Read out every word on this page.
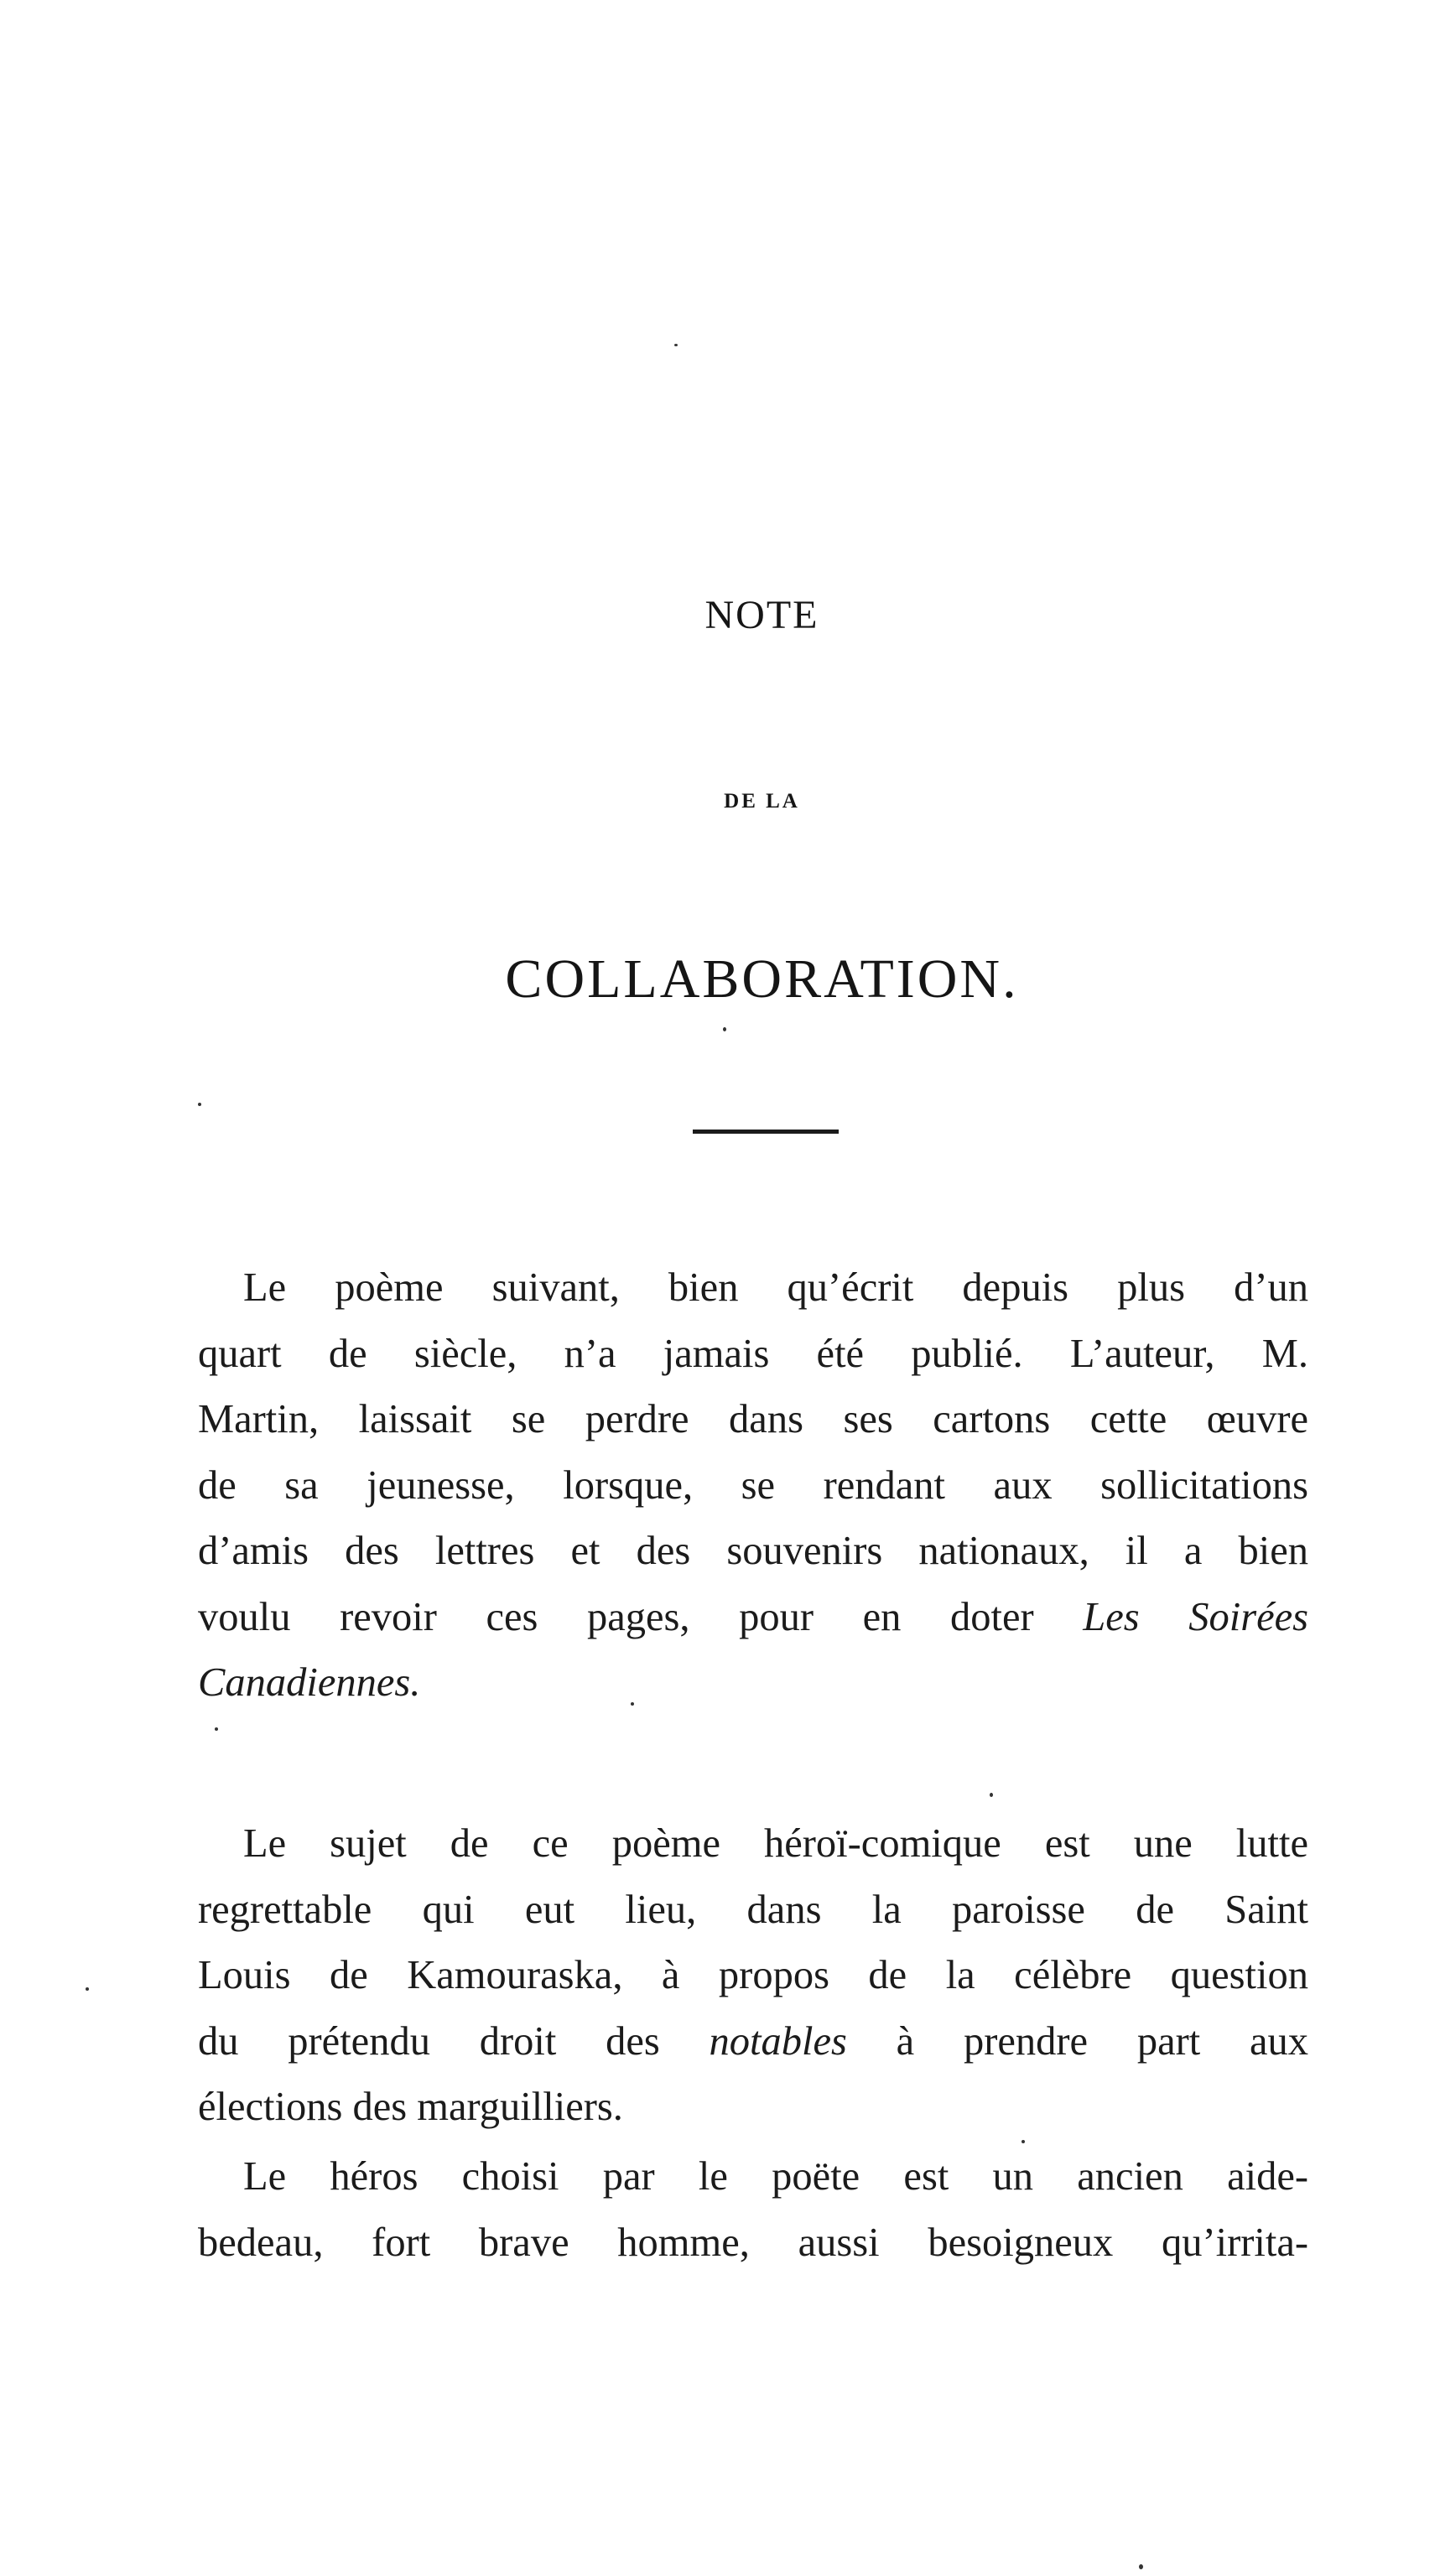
NOTE
DE LA
COLLABORATION.
Le poème suivant, bien qu’écrit depuis plus d’un
quart de siècle, n’a jamais été publié. L’auteur, M.
Martin, laissait se perdre dans ses cartons cette œuvre
de sa jeunesse, lorsque, se rendant aux sollicitations
d’amis des lettres et des souvenirs nationaux, il a bien
voulu revoir ces pages, pour en doter Les Soirées
Canadiennes.
Le sujet de ce poème héroï-comique est une lutte
regrettable qui eut lieu, dans la paroisse de Saint
Louis de Kamouraska, à propos de la célèbre question
du prétendu droit des notables à prendre part aux
élections des marguilliers.
Le héros choisi par le poëte est un ancien aide-
bedeau, fort brave homme, aussi besoigneux qu’irrita-
